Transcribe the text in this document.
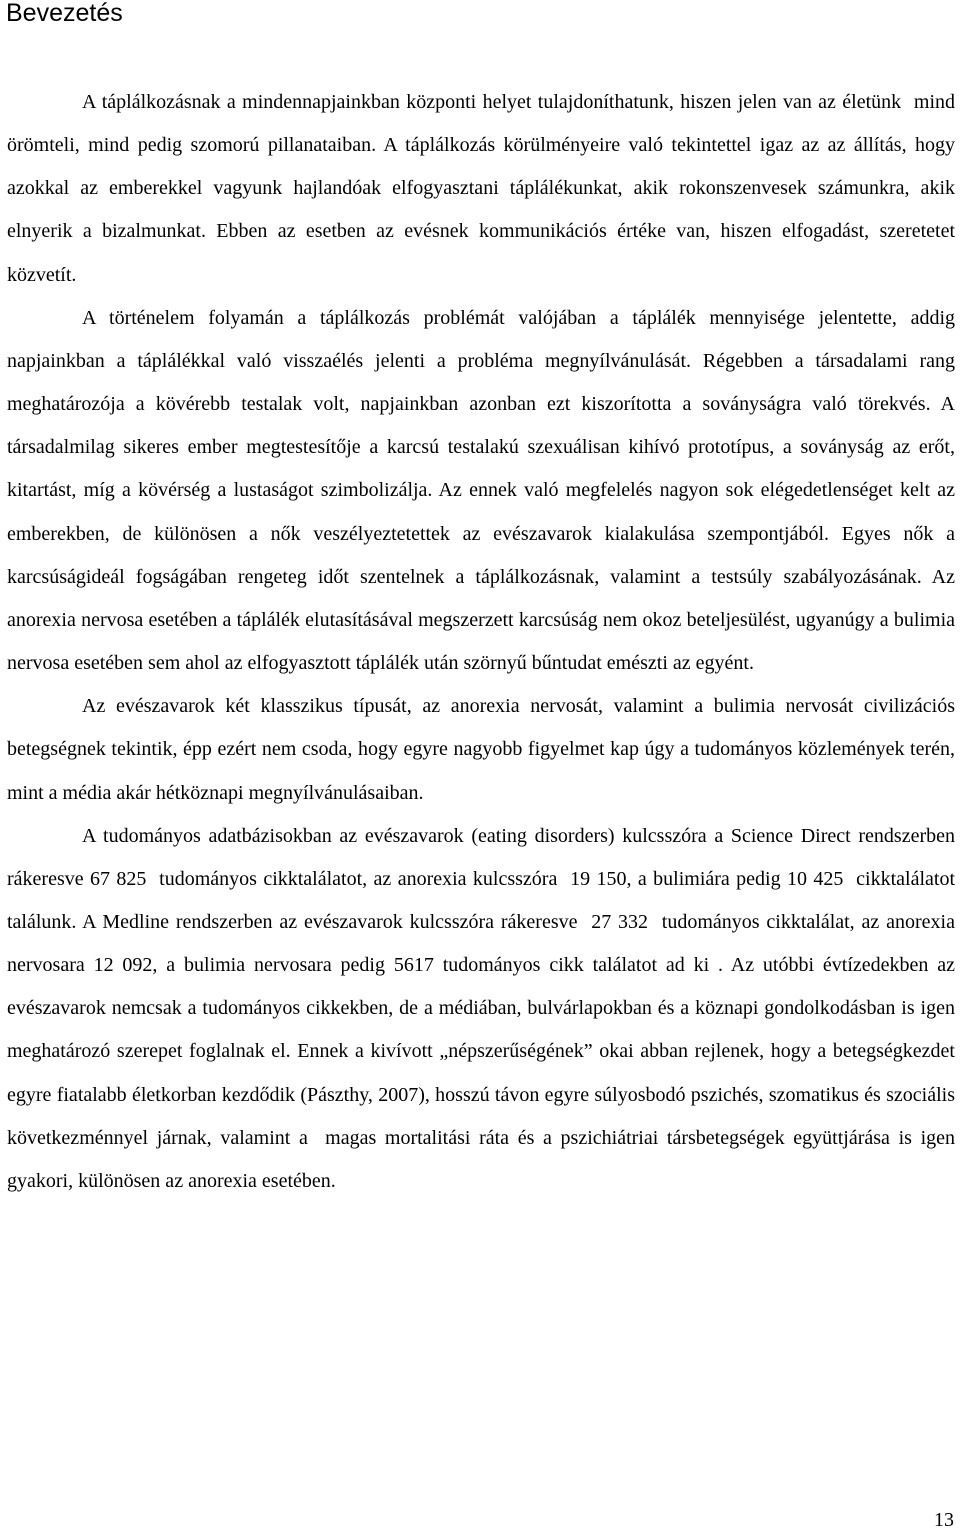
Bevezetés

A táplálkozásnak a mindennapjainkban központi helyet tulajdoníthatunk, hiszen jelen van az életünk  mind örömteli, mind pedig szomorú pillanataiban. A táplálkozás körülményeire való tekintettel igaz az az állítás, hogy azokkal az emberekkel vagyunk hajlandóak elfogyasztani táplálékunkat, akik rokonszenvesek számunkra, akik elnyerik a bizalmunkat. Ebben az esetben az evésnek kommunikációs értéke van, hiszen elfogadást, szeretetet közvetít.

A történelem folyamán a táplálkozás problémát valójában a táplálék mennyisége jelentette, addig napjainkban a táplálékkal való visszaélés jelenti a probléma megnyílvánulását. Régebben a társadalami rang meghatározója a kövérebb testalak volt, napjainkban azonban ezt kiszorította a soványságra való törekvés. A társadalmilag sikeres ember megtestesítője a karcsú testalakú szexuálisan kihívó prototípus, a soványság az erőt, kitartást, míg a kövérség a lustaságot szimbolizálja. Az ennek való megfelelés nagyon sok elégedetlenséget kelt az emberekben, de különösen a nők veszélyeztetettek az evészavarok kialakulása szempontjából. Egyes nők a karcsúságideál fogságában rengeteg időt szentelnek a táplálkozásnak, valamint a testsúly szabályozásának. Az anorexia nervosa esetében a táplálék elutasításával megszerzett karcsúság nem okoz beteljesülést, ugyanúgy a bulimia nervosa esetében sem ahol az elfogyasztott táplálék után szörnyű bűntudat emészti az egyént.

Az evészavarok két klasszikus típusát, az anorexia nervosát, valamint a bulimia nervosát civilizációs betegségnek tekintik, épp ezért nem csoda, hogy egyre nagyobb figyelmet kap úgy a tudományos közlemények terén, mint a média akár hétköznapi megnyílvánulásaiban.

A tudományos adatbázisokban az evészavarok (eating disorders) kulcsszóra a Science Direct rendszerben rákeresve 67 825  tudományos cikktalálatot, az anorexia kulcsszóra  19 150, a bulimiára pedig 10 425  cikktalálatot találunk. A Medline rendszerben az evészavarok kulcsszóra rákeresve  27 332  tudományos cikktalálat, az anorexia nervosara 12 092, a bulimia nervosara pedig 5617 tudományos cikk találatot ad ki . Az utóbbi évtízedekben az evészavarok nemcsak a tudományos cikkekben, de a médiában, bulvárlapokban és a köznapi gondolkodásban is igen meghatározó szerepet foglalnak el. Ennek a kivívott „népszerűségének” okai abban rejlenek, hogy a betegségkezdet egyre fiatalabb életkorban kezdődik (Pászthy, 2007), hosszú távon egyre súlyosbodó pszichés, szomatikus és szociális következménnyel járnak, valamint a  magas mortalitási ráta és a pszichiátriai társbetegségek együttjárása is igen gyakori, különösen az anorexia esetében.

13
